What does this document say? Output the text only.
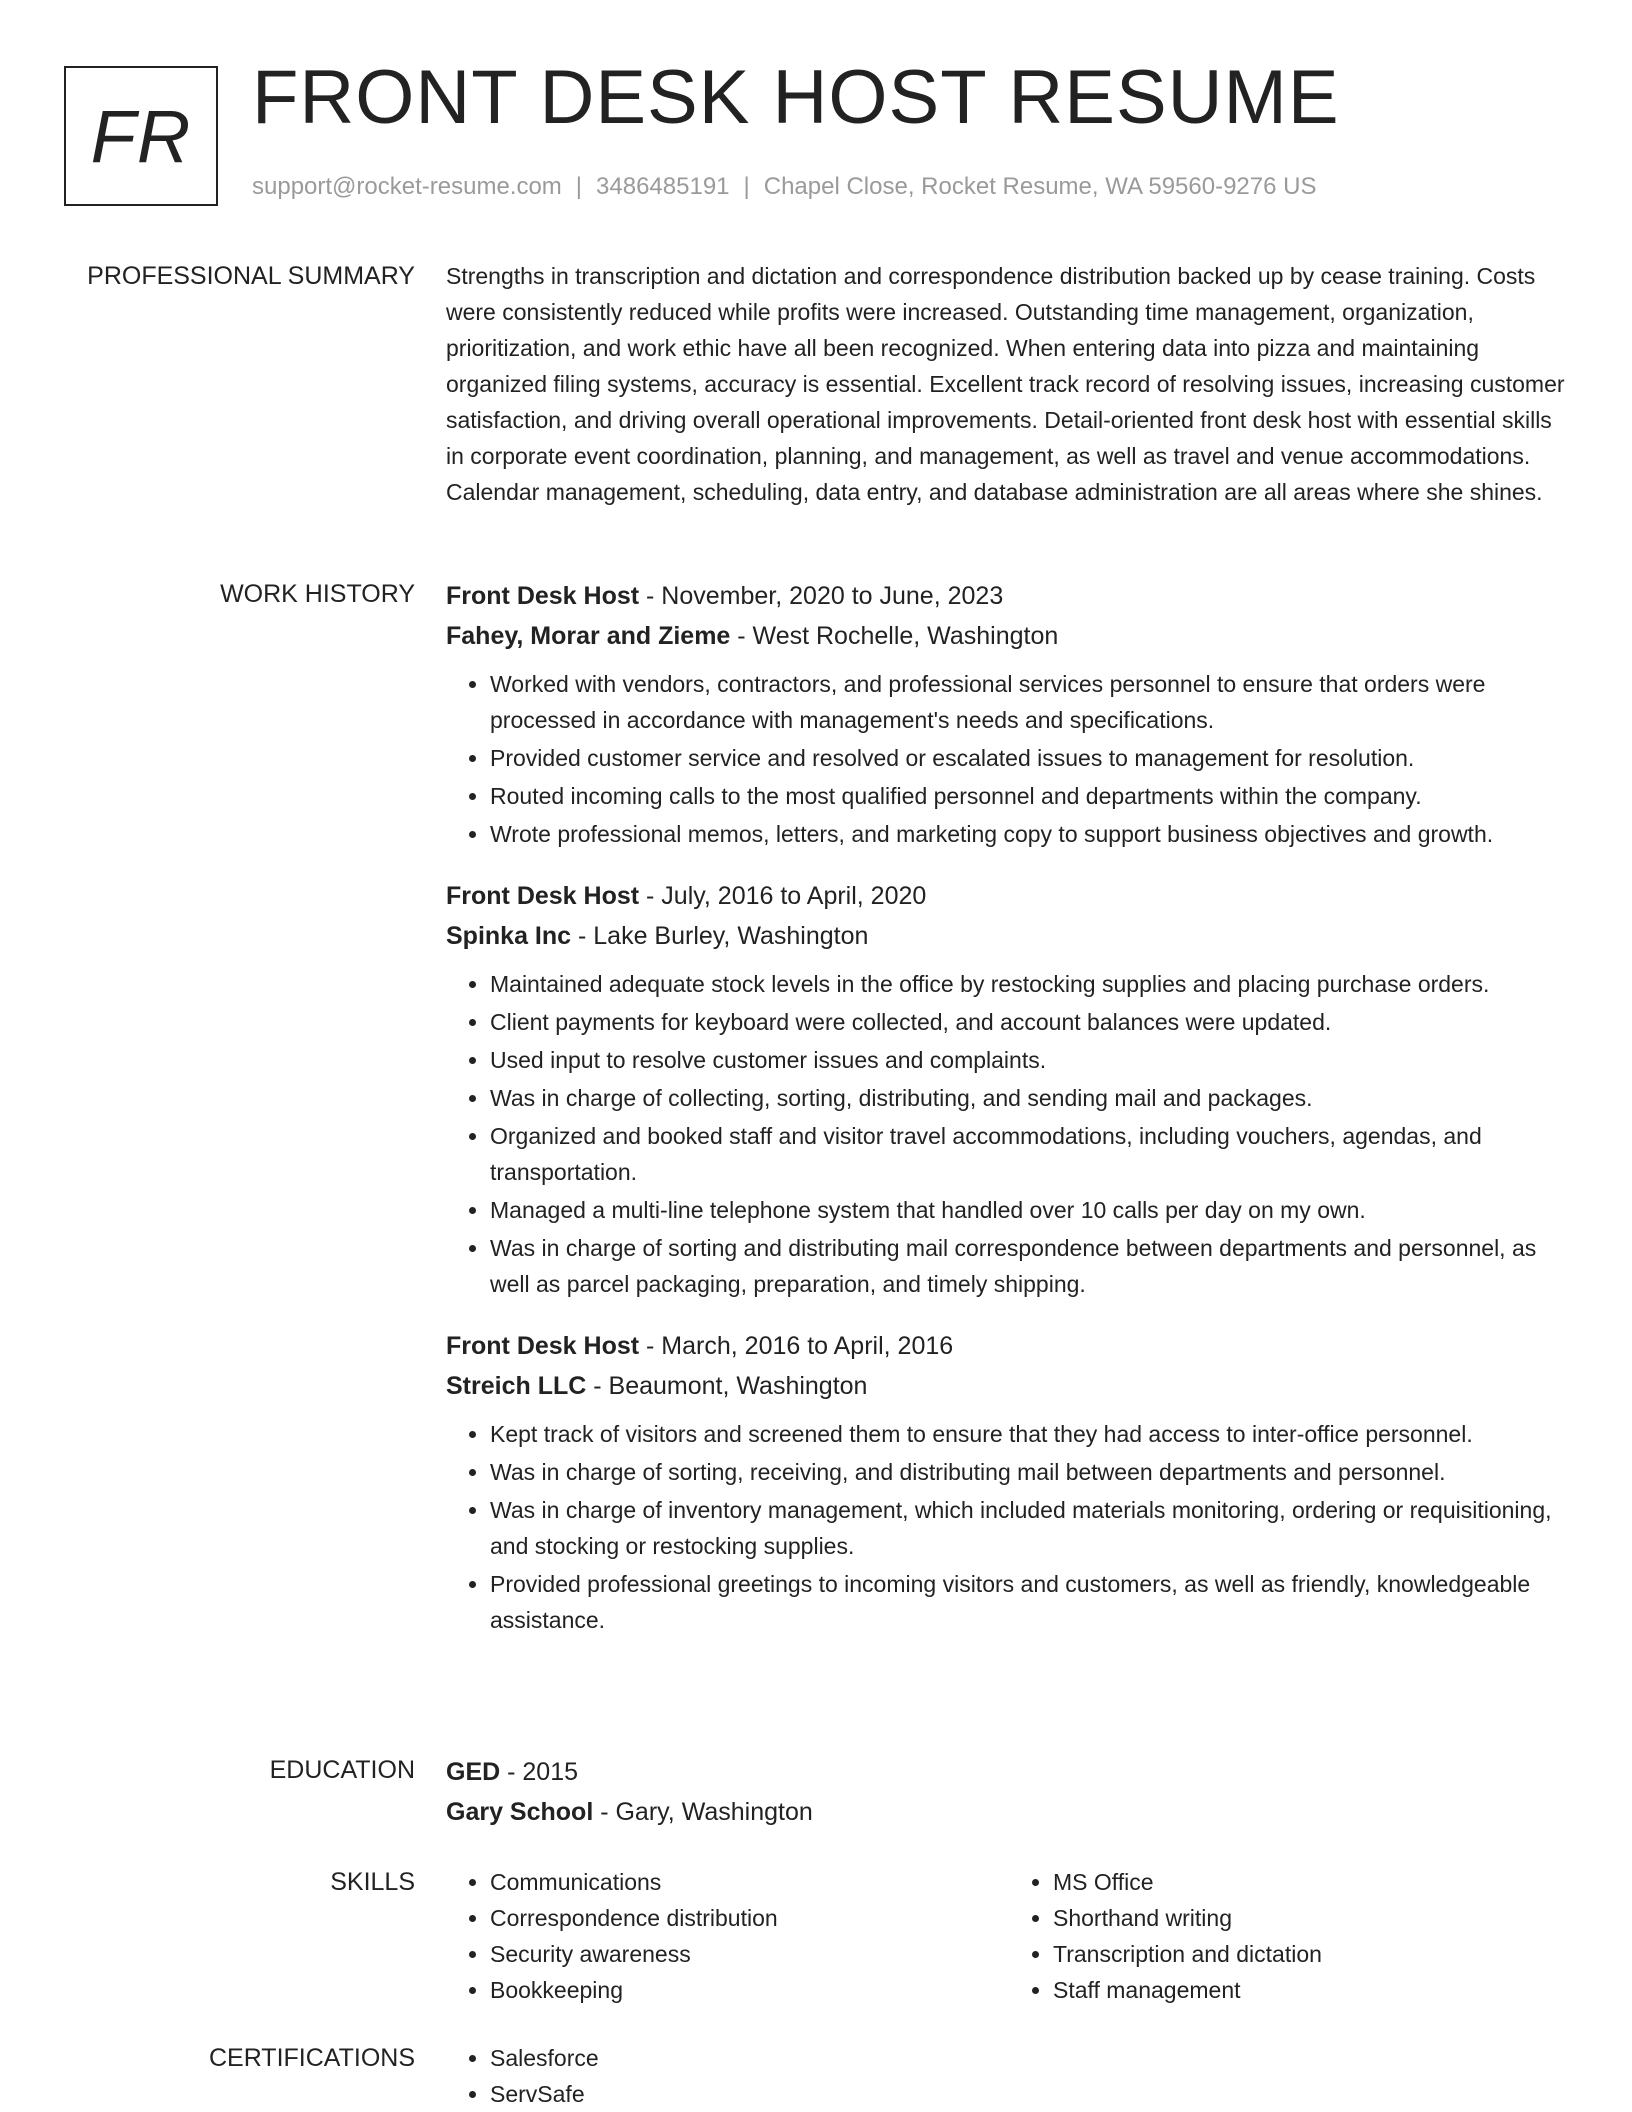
FR FRONT DESK HOST RESUME
support@rocket-resume.com | 3486485191 | Chapel Close, Rocket Resume, WA 59560-9276 US
PROFESSIONAL SUMMARY Strengths in transcription and dictation and correspondence distribution backed up by cease training. Costs were consistently reduced while profits were increased. Outstanding time management, organization, prioritization, and work ethic have all been recognized. When entering data into pizza and maintaining organized filing systems, accuracy is essential. Excellent track record of resolving issues, increasing customer satisfaction, and driving overall operational improvements. Detail-oriented front desk host with essential skills in corporate event coordination, planning, and management, as well as travel and venue accommodations. Calendar management, scheduling, data entry, and database administration are all areas where she shines.

WORK HISTORY Front Desk Host - November, 2020 to June, 2023
Fahey, Morar and Zieme - West Rochelle, Washington
• Worked with vendors, contractors, and professional services personnel to ensure that orders were processed in accordance with management's needs and specifications.
• Provided customer service and resolved or escalated issues to management for resolution.
• Routed incoming calls to the most qualified personnel and departments within the company.
• Wrote professional memos, letters, and marketing copy to support business objectives and growth.
Front Desk Host - July, 2016 to April, 2020
Spinka Inc - Lake Burley, Washington
• Maintained adequate stock levels in the office by restocking supplies and placing purchase orders.
• Client payments for keyboard were collected, and account balances were updated.
• Used input to resolve customer issues and complaints.
• Was in charge of collecting, sorting, distributing, and sending mail and packages.
• Organized and booked staff and visitor travel accommodations, including vouchers, agendas, and transportation.
• Managed a multi-line telephone system that handled over 10 calls per day on my own.
• Was in charge of sorting and distributing mail correspondence between departments and personnel, as well as parcel packaging, preparation, and timely shipping.
Front Desk Host - March, 2016 to April, 2016
Streich LLC - Beaumont, Washington
• Kept track of visitors and screened them to ensure that they had access to inter-office personnel.
• Was in charge of sorting, receiving, and distributing mail between departments and personnel.
• Was in charge of inventory management, which included materials monitoring, ordering or requisitioning, and stocking or restocking supplies.
• Provided professional greetings to incoming visitors and customers, as well as friendly, knowledgeable assistance.
EDUCATION GED - 2015
Gary School - Gary, Washington
SKILLS	• Communications
• Correspondence distribution
• Security awareness
• Bookkeeping
• MS Office
• Shorthand writing
• Transcription and dictation
• Staff management
CERTIFICATIONS	• Salesforce
• ServSafe
